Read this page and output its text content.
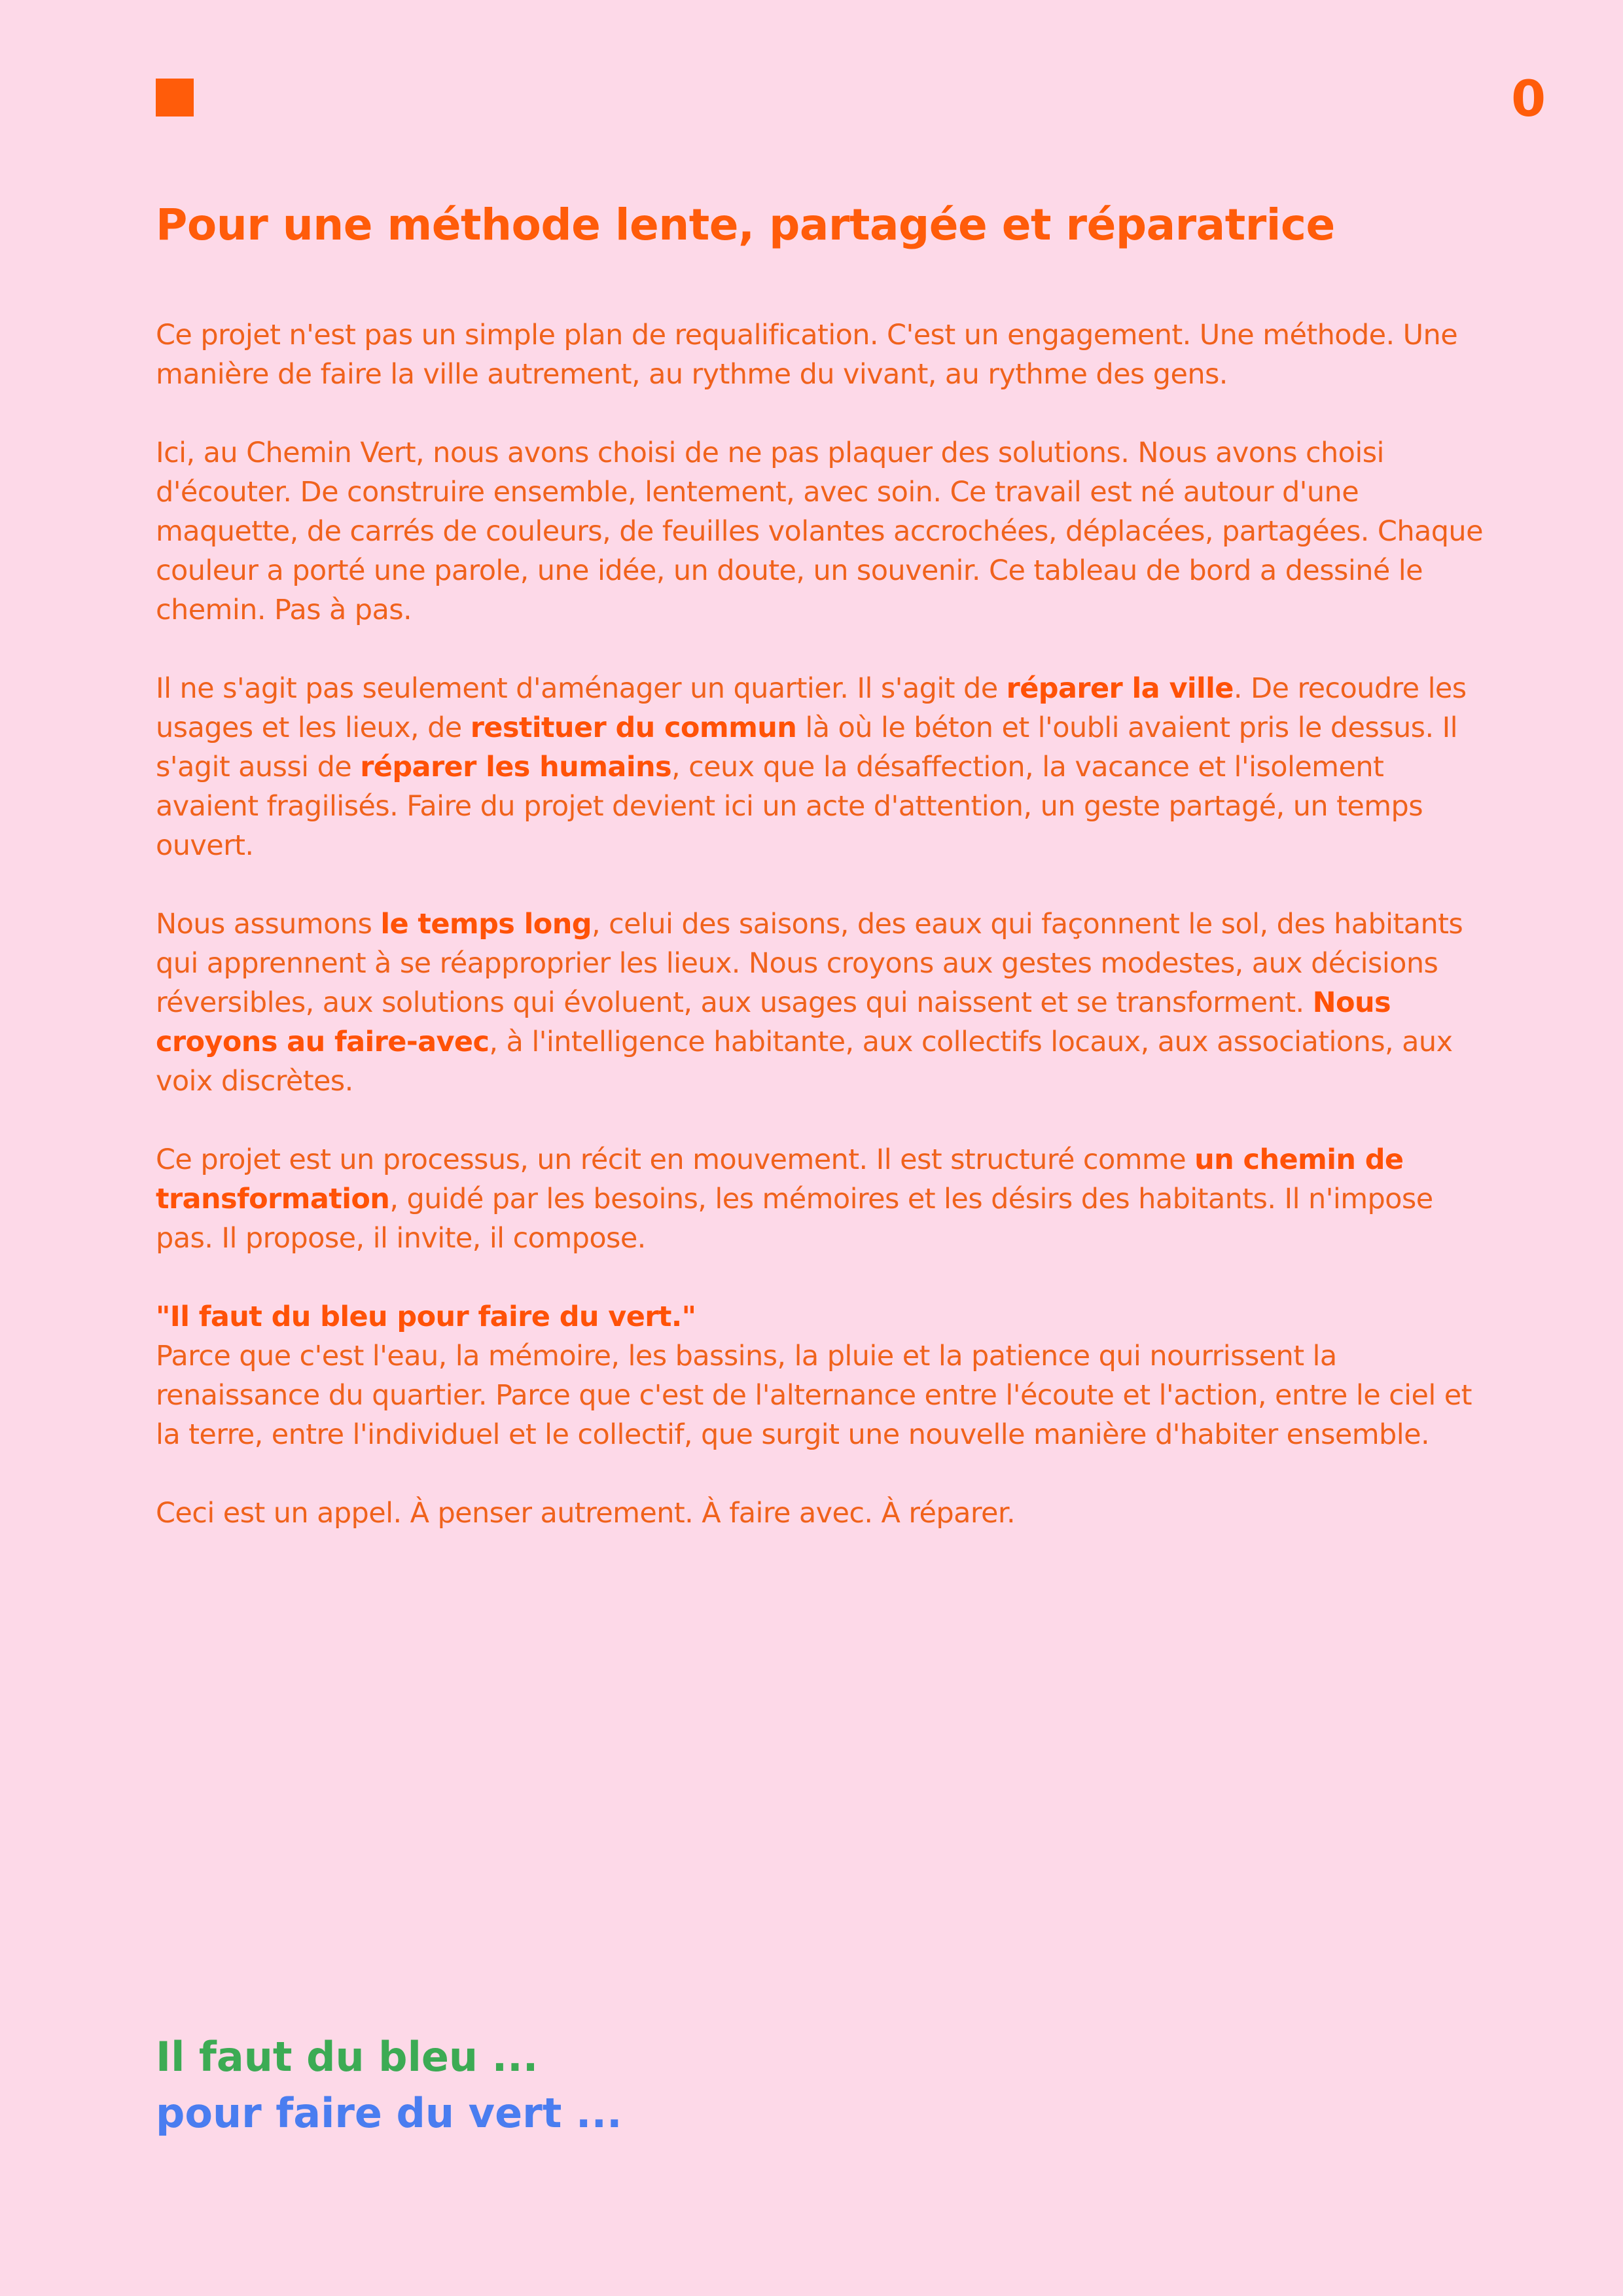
0
Pour une méthode lente, partagée et réparatrice

Ce projet n'est pas un simple plan de requalification. C'est un engagement. Une méthode. Une manière de faire la ville autrement, au rythme du vivant, au rythme des gens.

Ici, au Chemin Vert, nous avons choisi de ne pas plaquer des solutions. Nous avons choisi d'écouter. De construire ensemble, lentement, avec soin. Ce travail est né autour d'une maquette, de carrés de couleurs, de feuilles volantes accrochées, déplacées, partagées. Chaque couleur a porté une parole, une idée, un doute, un souvenir. Ce tableau de bord a dessiné le chemin. Pas à pas.

Il ne s'agit pas seulement d'aménager un quartier. Il s'agit de réparer la ville. De recoudre les usages et les lieux, de restituer du commun là où le béton et l'oubli avaient pris le dessus. Il s'agit aussi de réparer les humains, ceux que la désaffection, la vacance et l'isolement avaient fragilisés. Faire du projet devient ici un acte d'attention, un geste partagé, un temps ouvert.

Nous assumons le temps long, celui des saisons, des eaux qui façonnent le sol, des habitants qui apprennent à se réapproprier les lieux. Nous croyons aux gestes modestes, aux décisions réversibles, aux solutions qui évoluent, aux usages qui naissent et se transforment. Nous croyons au faire-avec, à l'intelligence habitante, aux collectifs locaux, aux associations, aux voix discrètes.

Ce projet est un processus, un récit en mouvement. Il est structuré comme un chemin de transformation, guidé par les besoins, les mémoires et les désirs des habitants. Il n'impose pas. Il propose, il invite, il compose.

"Il faut du bleu pour faire du vert."
Parce que c'est l'eau, la mémoire, les bassins, la pluie et la patience qui nourrissent la renaissance du quartier. Parce que c'est de l'alternance entre l'écoute et l'action, entre le ciel et la terre, entre l'individuel et le collectif, que surgit une nouvelle manière d'habiter ensemble.

Ceci est un appel. À penser autrement. À faire avec. À réparer.

Il faut du bleu ...
pour faire du vert ...
